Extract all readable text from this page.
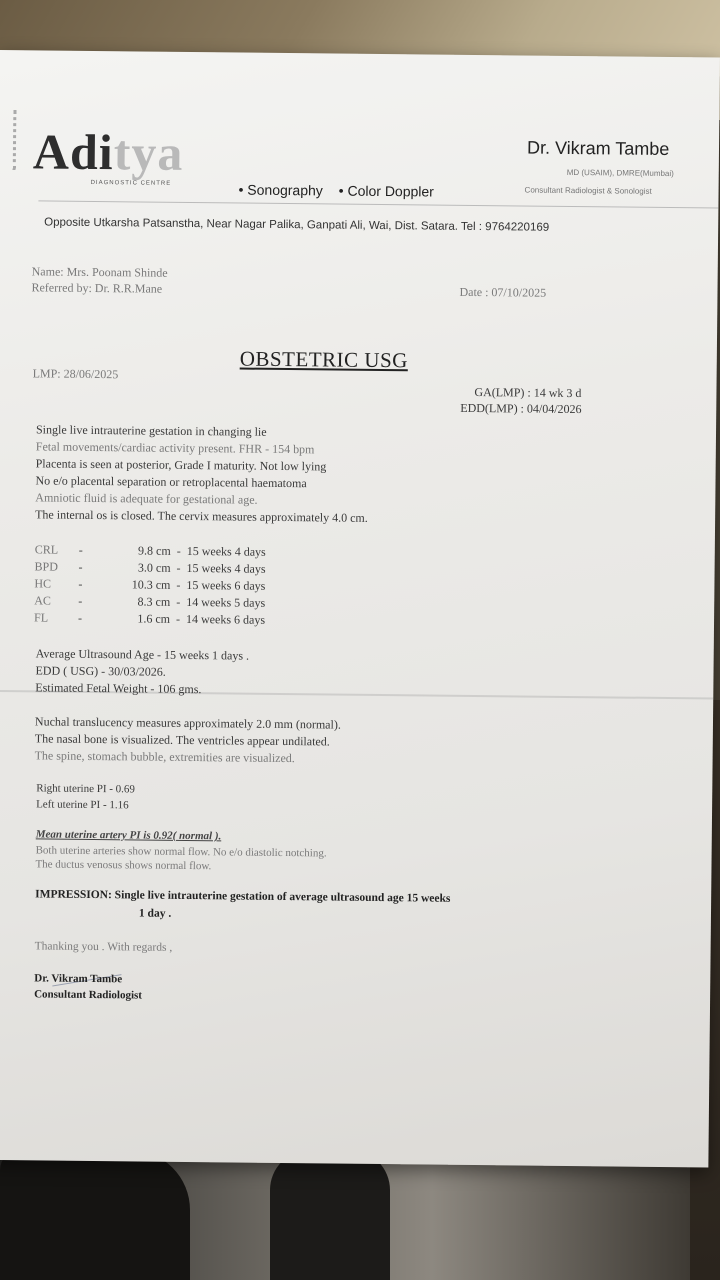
Aditya
DIAGNOSTIC CENTRE	• Sonography • Color Doppler
Dr. Vikram Tambe
MD (USAIM), DMRE(Mumbai)
Consultant Radiologist & Sonologist
Opposite Utkarsha Patsanstha, Near Nagar Palika, Ganpati Ali, Wai, Dist. Satara. Tel : 9764220169
Name: Mrs. Poonam Shinde
Referred by: Dr. R.R.Mane	Date : 07/10/2025
OBSTETRIC USG
LMP: 28/06/2025
GA(LMP) : 14 wk 3 d
EDD(LMP) : 04/04/2026
Single live intrauterine gestation in changing lie
Fetal movements/cardiac activity present. FHR - 154 bpm
Placenta is seen at posterior, Grade I maturity. Not low lying
No e/o placental separation or retroplacental haematoma
Amniotic fluid is adequate for gestational age.
The internal os is closed. The cervix measures approximately 4.0 cm.
CRL -	9.8 cm - 15 weeks 4 days
BPD -	3.0 cm - 15 weeks 4 days
HC -	10.3 cm - 15 weeks 6 days
AC -	8.3 cm - 14 weeks 5 days
FL -	1.6 cm - 14 weeks 6 days
Average Ultrasound Age - 15 weeks 1 days .
EDD ( USG) - 30/03/2026.
Estimated Fetal Weight - 106 gms.
Nuchal translucency measures approximately 2.0 mm (normal).
The nasal bone is visualized. The ventricles appear undilated.
The spine, stomach bubble, extremities are visualized.
Right uterine PI - 0.69
Left uterine PI - 1.16
Mean uterine artery PI is 0.92( normal ).
Both uterine arteries show normal flow. No e/o diastolic notching.
The ductus venosus shows normal flow.
IMPRESSION: Single live intrauterine gestation of average ultrasound age 15 weeks
1 day .
Thanking you . With regards ,
Dr. Vikram Tambe
Consultant Radiologist
